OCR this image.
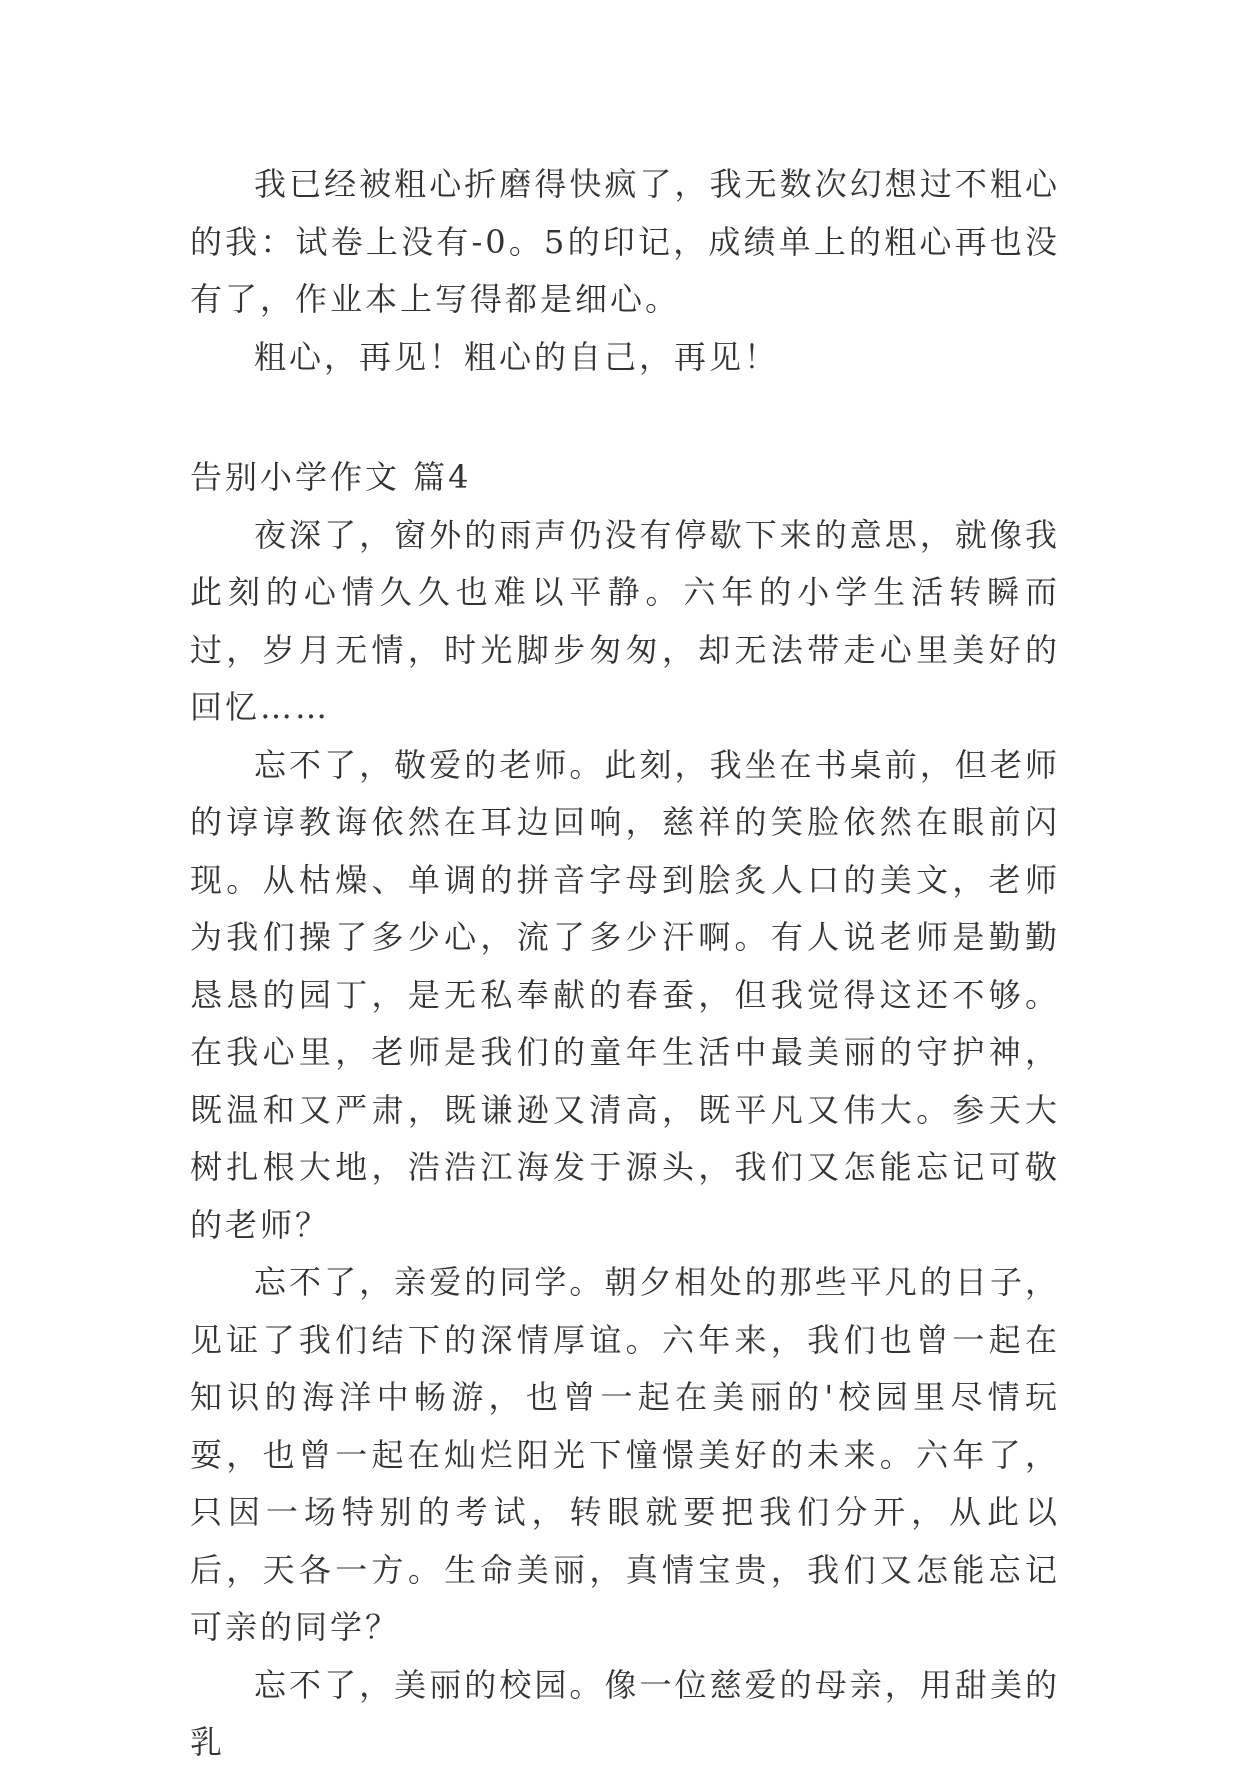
我已经被粗心折磨得快疯了，我无数次幻想过不粗心的我：试卷上没有-0。5的印记，成绩单上的粗心再也没有了，作业本上写得都是细心。

粗心，再见！粗心的自己，再见！

告别小学作文 篇4

夜深了，窗外的雨声仍没有停歇下来的意思，就像我此刻的心情久久也难以平静。六年的小学生活转瞬而过，岁月无情，时光脚步匆匆，却无法带走心里美好的回忆……

忘不了，敬爱的老师。此刻，我坐在书桌前，但老师的谆谆教诲依然在耳边回响，慈祥的笑脸依然在眼前闪现。从枯燥、单调的拼音字母到脍炙人口的美文，老师为我们操了多少心，流了多少汗啊。有人说老师是勤勤恳恳的园丁，是无私奉献的春蚕，但我觉得这还不够。在我心里，老师是我们的童年生活中最美丽的守护神，既温和又严肃，既谦逊又清高，既平凡又伟大。参天大树扎根大地，浩浩江海发于源头，我们又怎能忘记可敬的老师？

忘不了，亲爱的同学。朝夕相处的那些平凡的日子，见证了我们结下的深情厚谊。六年来，我们也曾一起在知识的海洋中畅游，也曾一起在美丽的'校园里尽情玩耍，也曾一起在灿烂阳光下憧憬美好的未来。六年了，只因一场特别的考试，转眼就要把我们分开，从此以后，天各一方。生命美丽，真情宝贵，我们又怎能忘记可亲的同学？

忘不了，美丽的校园。像一位慈爱的母亲，用甜美的乳
